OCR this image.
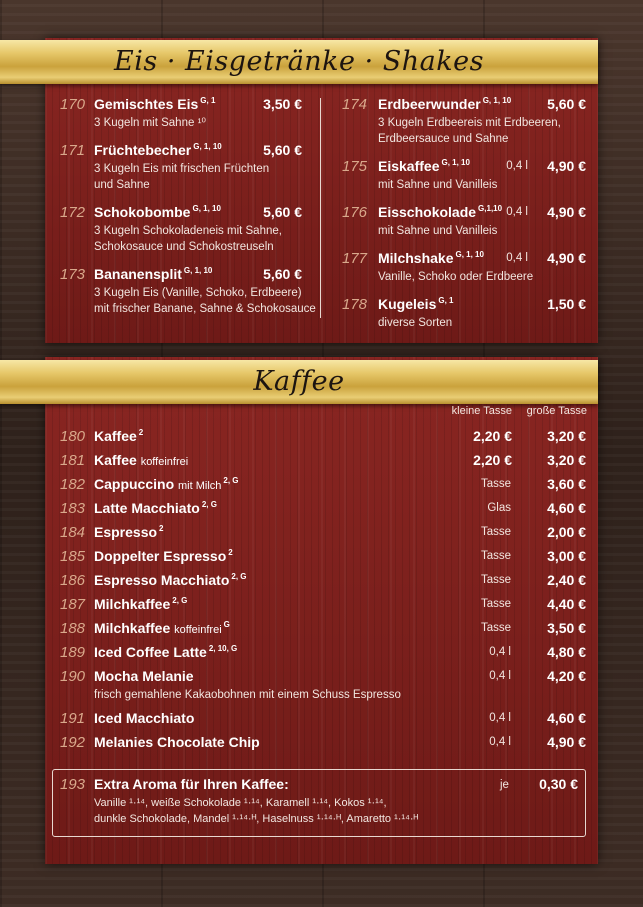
Eis · Eisgetränke · Shakes
170 Gemischtes Eis $^{G, 1}$	3,50 €
3 Kugeln mit Sahne ¹⁰
171 Früchtebecher $^{G, 1, 10}$	5,60 €
3 Kugeln Eis mit frischen Früchten
und Sahne
172 Schokobombe $^{G, 1, 10}$	5,60 €
3 Kugeln Schokoladeneis mit Sahne,
Schokosauce und Schokostreuseln
173 Bananensplit $^{G, 1, 10}$	5,60 €
3 Kugeln Eis (Vanille, Schoko, Erdbeere)
mit frischer Banane, Sahne & Schokosauce
174 Erdbeerwunder $^{G, 1, 10}$	5,60 €
3 Kugeln Erdbeereis mit Erdbeeren,
Erdbeersauce und Sahne
175 Eiskaffee $^{G, 1, 10}$	0,4 l	4,90 €
mit Sahne und Vanilleis
176 Eisschokolade $^{G,1,10}$ 0,4 l	4,90 €
mit Sahne und Vanilleis
177 Milchshake $^{G, 1, 10}$	0,4 l	4,90 €
Vanille, Schoko oder Erdbeere
178 Kugeleis $^{G, 1}$	1,50 €
diverse Sorten
Kaffee
kleine Tasse	große Tasse
180 Kaffee $^2$	2,20 €	3,20 €
181 Kaffee koffeinfrei	2,20 €	3,20 €
182 Cappuccino mit Milch $^{2, G}$	Tasse	3,60 €
183 Latte Macchiato $^{2, G}$	Glas	4,60 €
184 Espresso $^2$	Tasse	2,00 €
185 Doppelter Espresso $^2$	Tasse	3,00 €
186 Espresso Macchiato $^{2, G}$	Tasse	2,40 €
187 Milchkaffee $^{2, G}$	Tasse	4,40 €
188 Milchkaffee koffeinfrei $^G$	Tasse	3,50 €
189 Iced Coffee Latte $^{2, 10, G}$	0,4 l	4,80 €
190 Mocha Melanie	0,4 l	4,20 €
frisch gemahlene Kakaobohnen mit einem Schuss Espresso
191 Iced Macchiato	0,4 l	4,60 €
192 Melanies Chocolate Chip	0,4 l	4,90 €
193 Extra Aroma für Ihren Kaffee:	je	0,30 €
Vanille ¹·¹⁴, weiße Schokolade ¹·¹⁴, Karamell ¹·¹⁴, Kokos ¹·¹⁴,
dunkle Schokolade, Mandel ¹·¹⁴·ᴴ, Haselnuss ¹·¹⁴·ᴴ, Amaretto ¹·¹⁴·ᴴ
